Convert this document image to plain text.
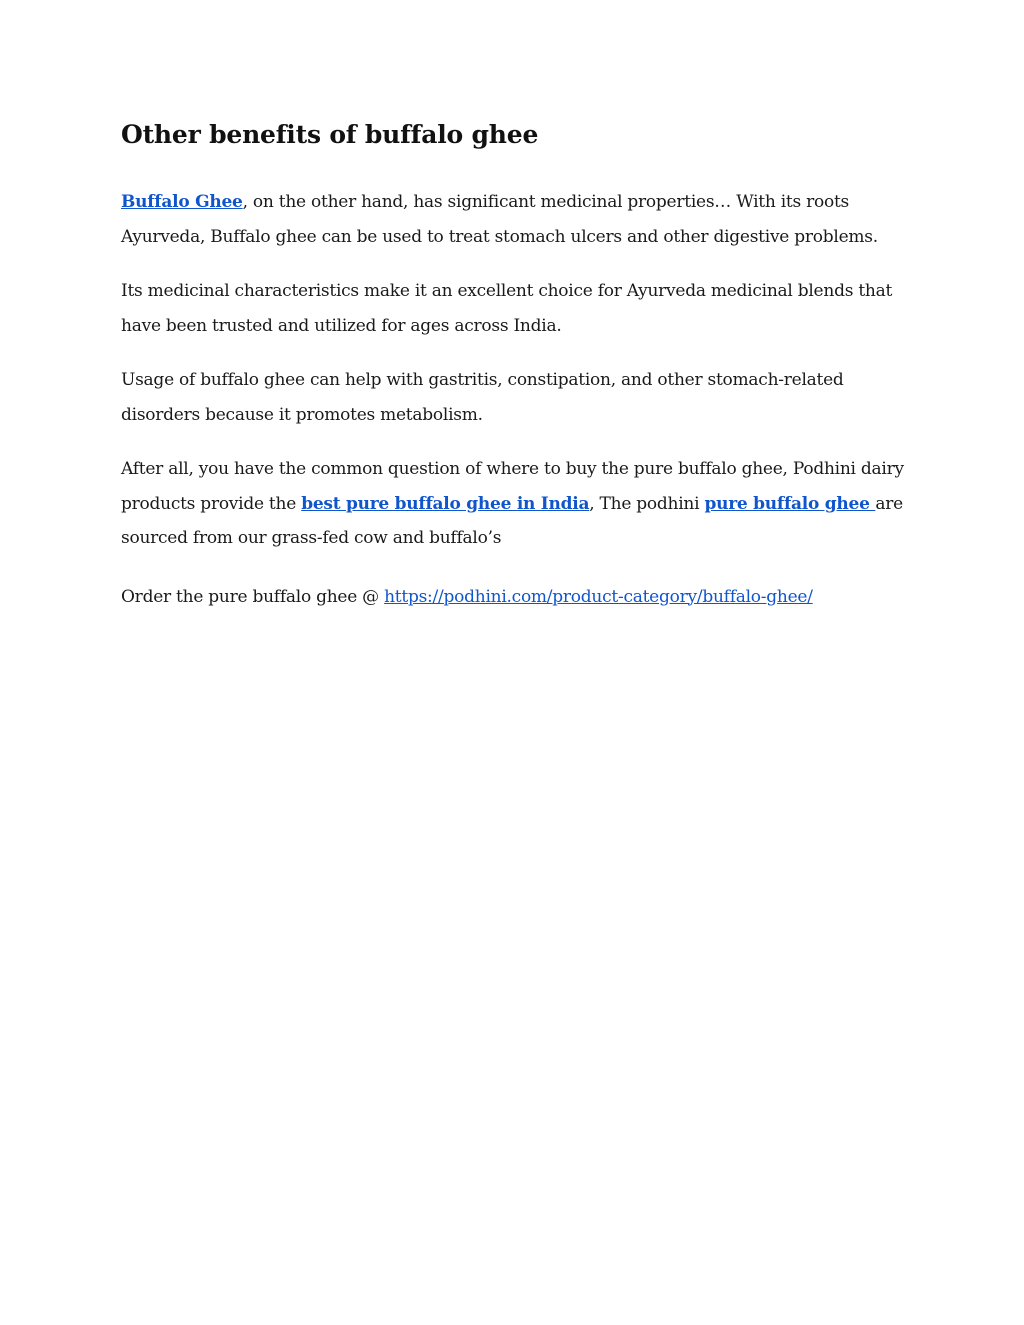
Other benefits of buffalo ghee

Buffalo Ghee, on the other hand, has significant medicinal properties… With its roots Ayurveda, Buffalo ghee can be used to treat stomach ulcers and other digestive problems.

Its medicinal characteristics make it an excellent choice for Ayurveda medicinal blends that have been trusted and utilized for ages across India.

Usage of buffalo ghee can help with gastritis, constipation, and other stomach-related disorders because it promotes metabolism.

After all, you have the common question of where to buy the pure buffalo ghee, Podhini dairy products provide the best pure buffalo ghee in India, The podhini pure buffalo ghee are sourced from our grass-fed cow and buffalo’s

Order the pure buffalo ghee @ https://podhini.com/product-category/buffalo-ghee/
